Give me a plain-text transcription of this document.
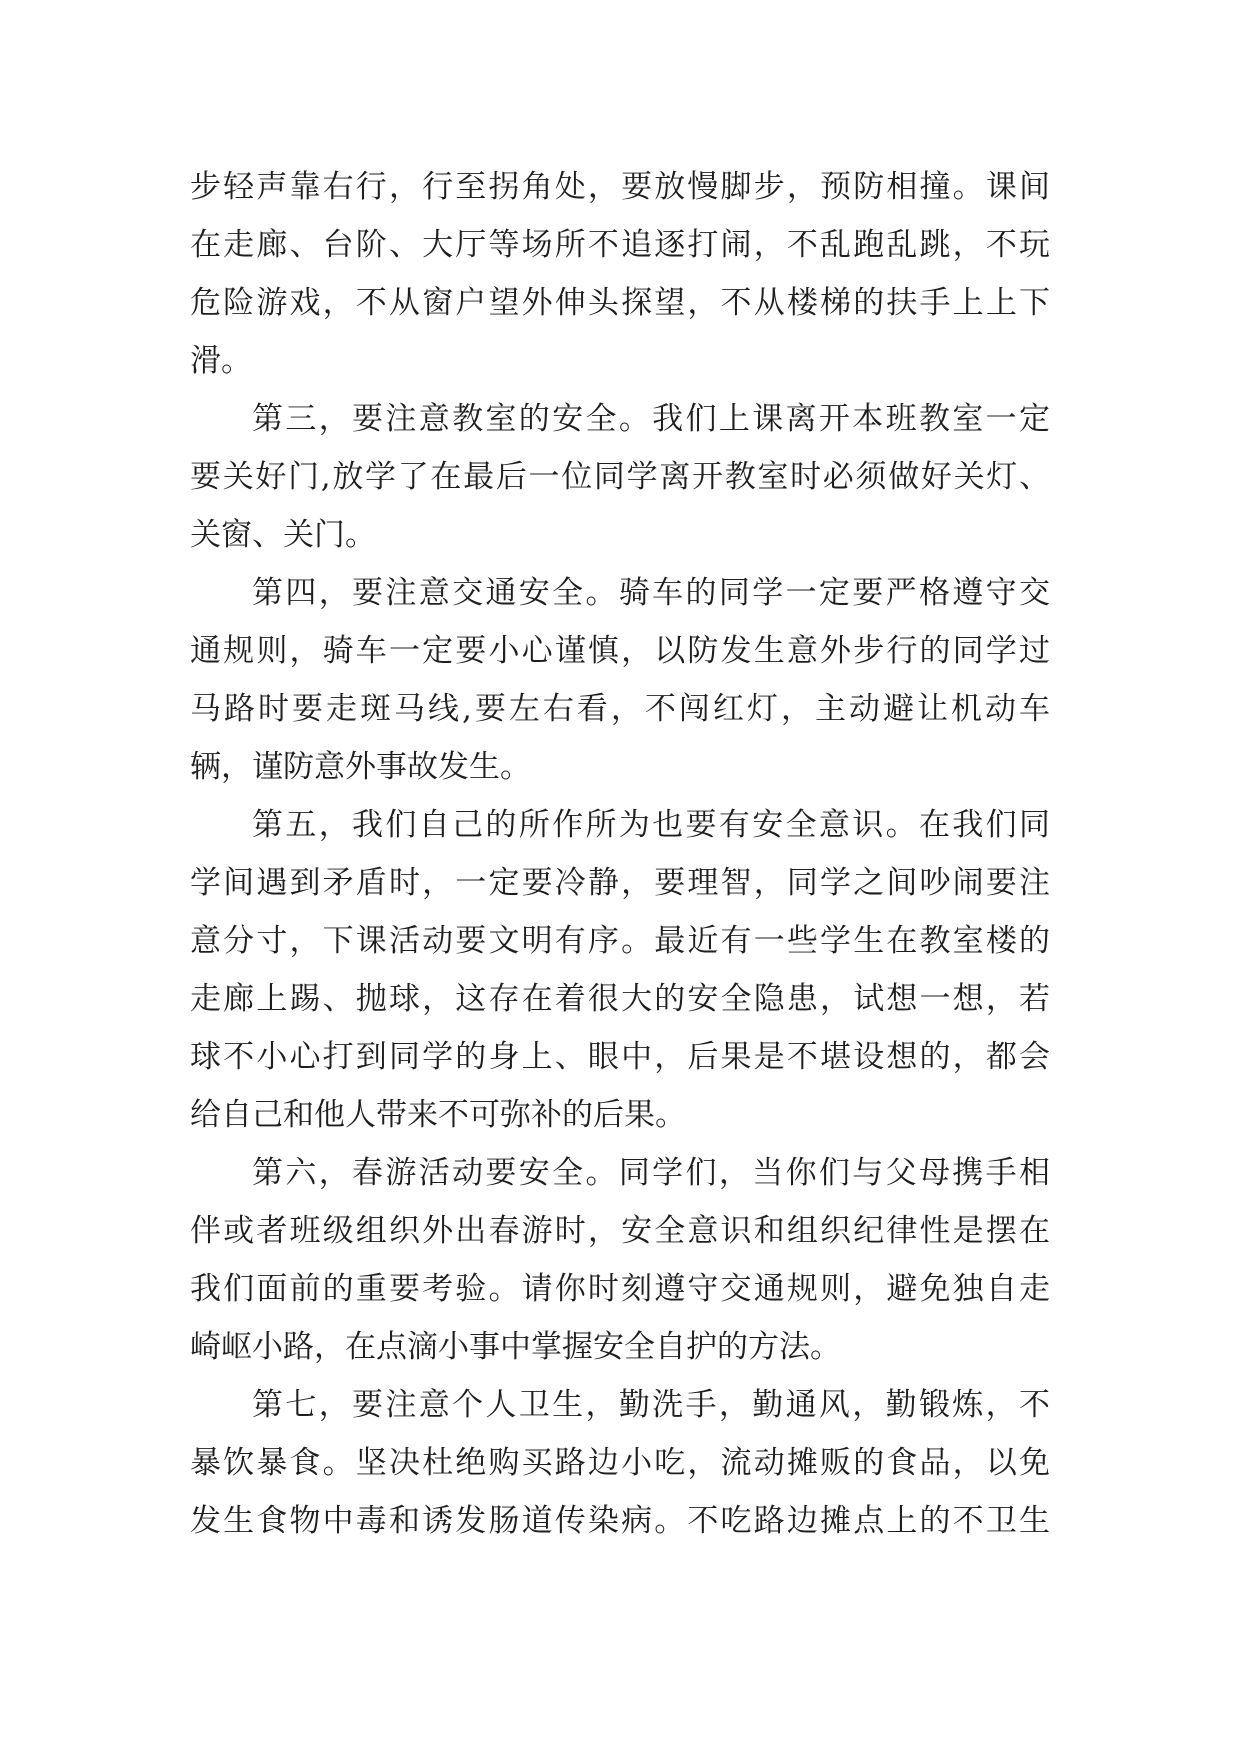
步轻声靠右行，行至拐角处，要放慢脚步，预防相撞。课间
在走廊、台阶、大厅等场所不追逐打闹，不乱跑乱跳，不玩
危险游戏，不从窗户望外伸头探望，不从楼梯的扶手上上下
滑。
第三，要注意教室的安全。我们上课离开本班教室一定
要关好门,放学了在最后一位同学离开教室时必须做好关灯、
关窗、关门。
第四，要注意交通安全。骑车的同学一定要严格遵守交
通规则，骑车一定要小心谨慎，以防发生意外步行的同学过
马路时要走斑马线,要左右看，不闯红灯，主动避让机动车
辆，谨防意外事故发生。
第五，我们自己的所作所为也要有安全意识。在我们同
学间遇到矛盾时，一定要冷静，要理智，同学之间吵闹要注
意分寸，下课活动要文明有序。最近有一些学生在教室楼的
走廊上踢、抛球，这存在着很大的安全隐患，试想一想，若
球不小心打到同学的身上、眼中，后果是不堪设想的，都会
给自己和他人带来不可弥补的后果。
第六，春游活动要安全。同学们，当你们与父母携手相
伴或者班级组织外出春游时，安全意识和组织纪律性是摆在
我们面前的重要考验。请你时刻遵守交通规则，避免独自走
崎岖小路，在点滴小事中掌握安全自护的方法。
第七，要注意个人卫生，勤洗手，勤通风，勤锻炼，不
暴饮暴食。坚决杜绝购买路边小吃，流动摊贩的食品，以免
发生食物中毒和诱发肠道传染病。不吃路边摊点上的不卫生
